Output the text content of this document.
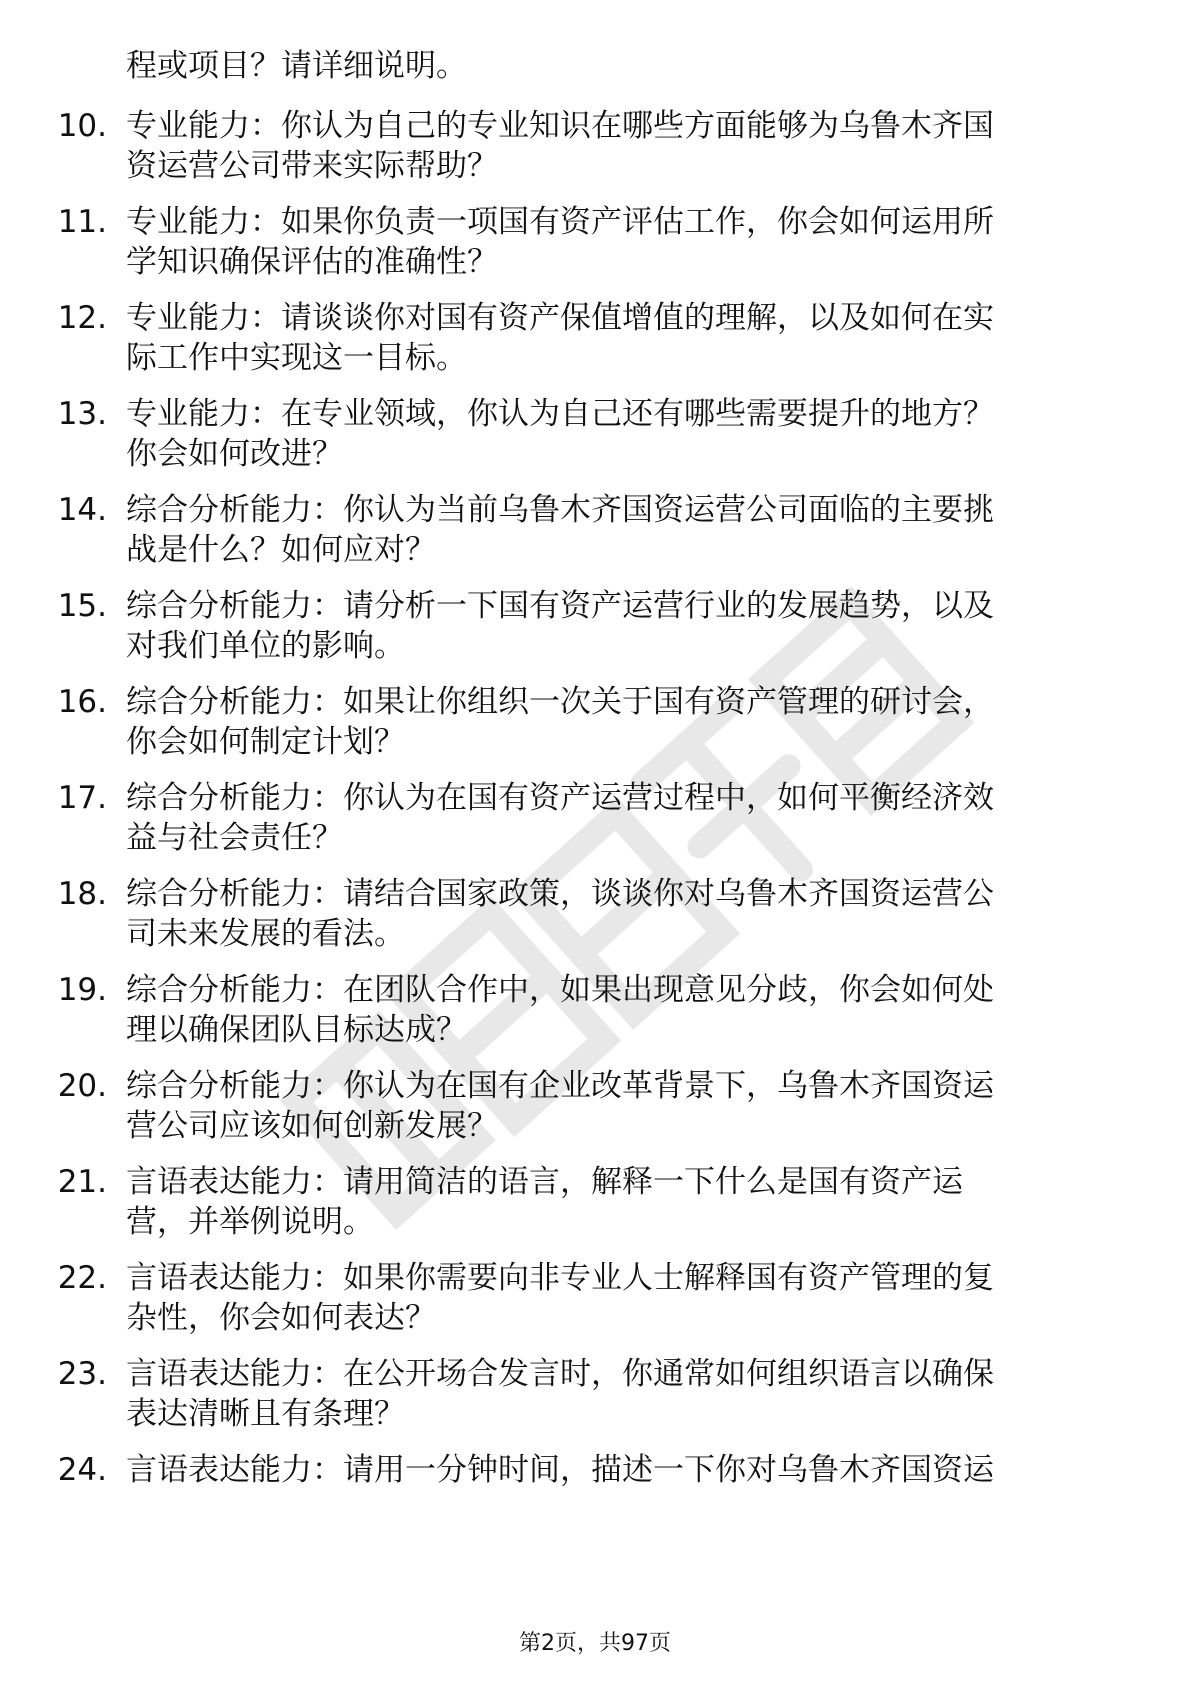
程或项目？请详细说明。
10. 专业能力：你认为自己的专业知识在哪些方面能够为乌鲁木齐国
资运营公司带来实际帮助？
11. 专业能力：如果你负责一项国有资产评估工作，你会如何运用所
学知识确保评估的准确性？
12. 专业能力：请谈谈你对国有资产保值增值的理解，以及如何在实
际工作中实现这一目标。
13. 专业能力：在专业领域，你认为自己还有哪些需要提升的地方？
你会如何改进？
14. 综合分析能力：你认为当前乌鲁木齐国资运营公司面临的主要挑
战是什么？如何应对？
15. 综合分析能力：请分析一下国有资产运营行业的发展趋势，以及
对我们单位的影响。
16. 综合分析能力：如果让你组织一次关于国有资产管理的研讨会，
你会如何制定计划？
17. 综合分析能力：你认为在国有资产运营过程中，如何平衡经济效
益与社会责任？
18. 综合分析能力：请结合国家政策，谈谈你对乌鲁木齐国资运营公
司未来发展的看法。
19. 综合分析能力：在团队合作中，如果出现意见分歧，你会如何处
理以确保团队目标达成？
20. 综合分析能力：你认为在国有企业改革背景下，乌鲁木齐国资运
营公司应该如何创新发展？
21. 言语表达能力：请用简洁的语言，解释一下什么是国有资产运
营，并举例说明。
22. 言语表达能力：如果你需要向非专业人士解释国有资产管理的复
杂性，你会如何表达？
23. 言语表达能力：在公开场合发言时，你通常如何组织语言以确保
表达清晰且有条理？
24. 言语表达能力：请用一分钟时间，描述一下你对乌鲁木齐国资运
第2页，共97页
